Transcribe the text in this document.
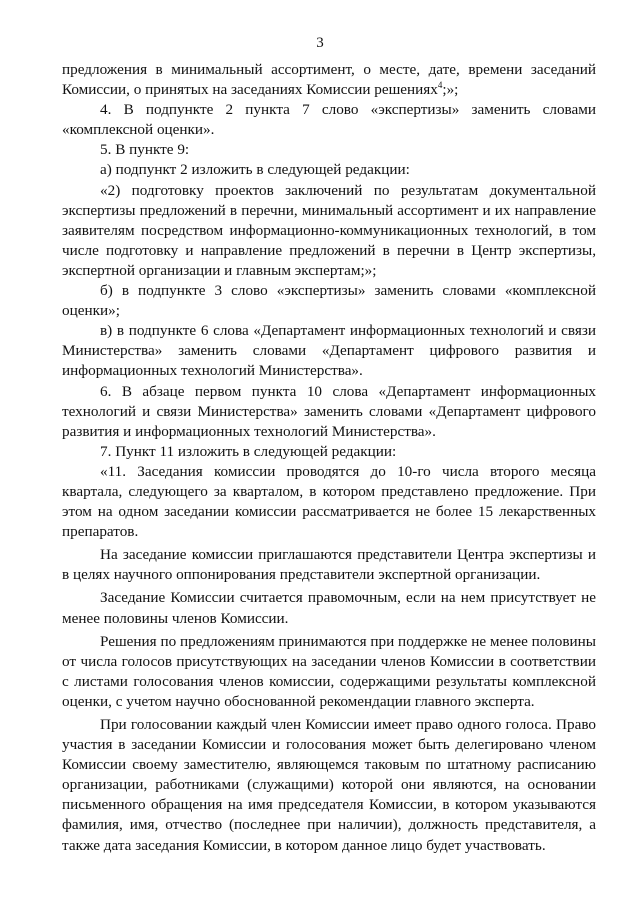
3

предложения в минимальный ассортимент, о месте, дате, времени заседаний Комиссии, о принятых на заседаниях Комиссии решениях$^4$;»;

4. В подпункте 2 пункта 7 слово «экспертизы» заменить словами «комплексной оценки».

5. В пункте 9:

а) подпункт 2 изложить в следующей редакции:

«2) подготовку проектов заключений по результатам документальной экспертизы предложений в перечни, минимальный ассортимент и их направление заявителям посредством информационно-коммуникационных технологий, в том числе подготовку и направление предложений в перечни в Центр экспертизы, экспертной организации и главным экспертам;»;

б) в подпункте 3 слово «экспертизы» заменить словами «комплексной оценки»;

в) в подпункте 6 слова «Департамент информационных технологий и связи Министерства» заменить словами «Департамент цифрового развития и информационных технологий Министерства».

6. В абзаце первом пункта 10 слова «Департамент информационных технологий и связи Министерства» заменить словами «Департамент цифрового развития и информационных технологий Министерства».

7. Пункт 11 изложить в следующей редакции:

«11. Заседания комиссии проводятся до 10-го числа второго месяца квартала, следующего за кварталом, в котором представлено предложение. При этом на одном заседании комиссии рассматривается не более 15 лекарственных препаратов.

На заседание комиссии приглашаются представители Центра экспертизы и в целях научного оппонирования представители экспертной организации.

Заседание Комиссии считается правомочным, если на нем присутствует не менее половины членов Комиссии.

Решения по предложениям принимаются при поддержке не менее половины от числа голосов присутствующих на заседании членов Комиссии в соответствии с листами голосования членов комиссии, содержащими результаты комплексной оценки, с учетом научно обоснованной рекомендации главного эксперта.

При голосовании каждый член Комиссии имеет право одного голоса. Право участия в заседании Комиссии и голосования может быть делегировано членом Комиссии своему заместителю, являющемся таковым по штатному расписанию организации, работниками (служащими) которой они являются, на основании письменного обращения на имя председателя Комиссии, в котором указываются фамилия, имя, отчество (последнее при наличии), должность представителя, а также дата заседания Комиссии, в котором данное лицо будет участвовать.
